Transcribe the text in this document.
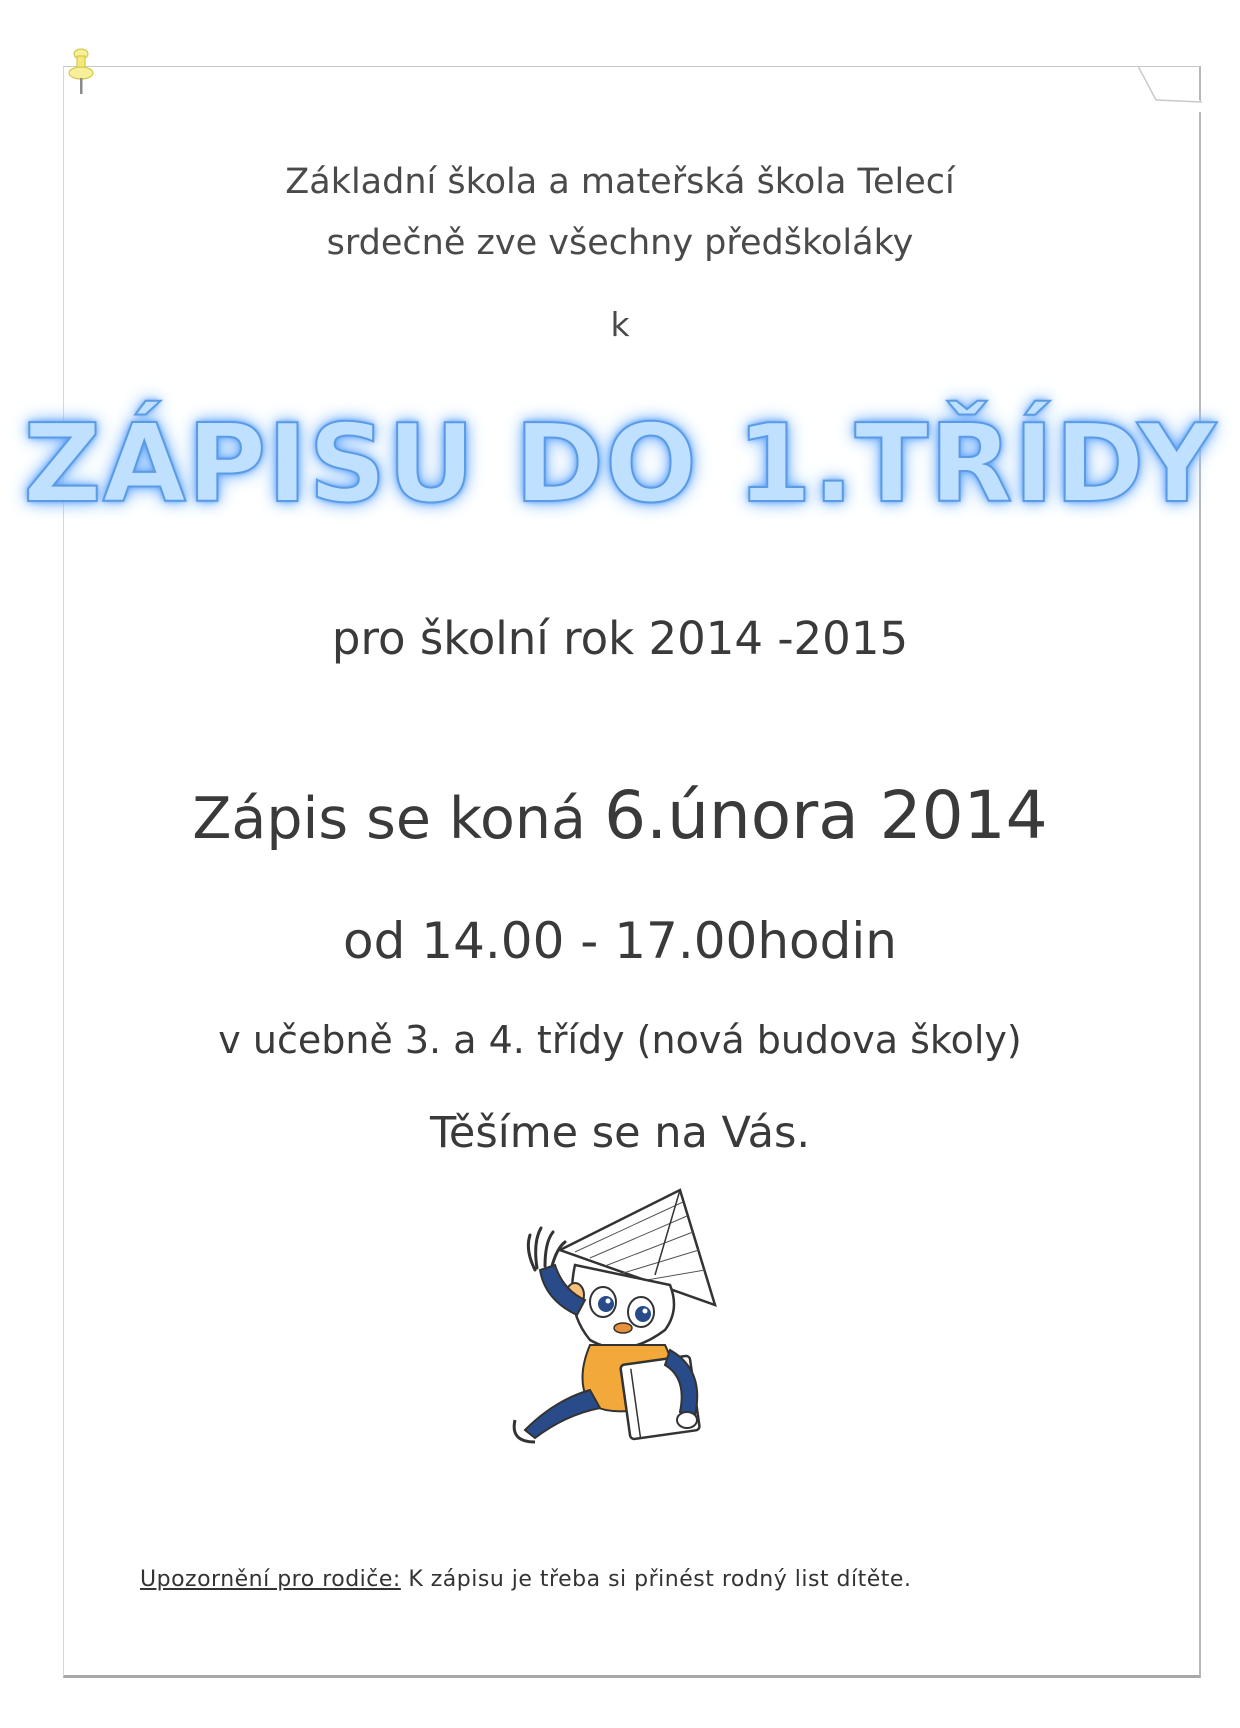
Základní škola a mateřská škola Telecí
srdečně zve všechny předškoláky
k
ZÁPISU DO 1.TŘÍDY
pro školní rok 2014 -2015
Zápis se koná 6.února 2014
od 14.00 - 17.00hodin
v učebně 3. a 4. třídy (nová budova školy)
Těšíme se na Vás.
Upozornění pro rodiče: K zápisu je třeba si přinést rodný list dítěte.
